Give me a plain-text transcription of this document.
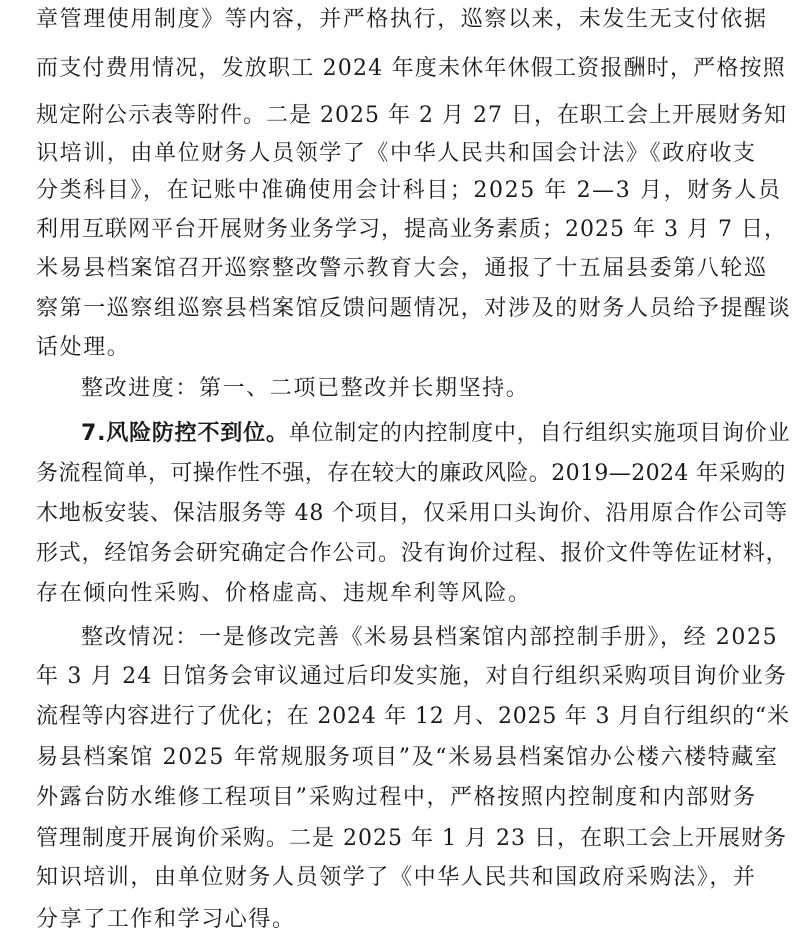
章管理使用制度》等内容，并严格执行，巡察以来，未发生无支付依据
而支付费用情况，发放职工 2024 年度未休年休假工资报酬时，严格按照
规定附公示表等附件。二是 2025 年 2 月 27 日，在职工会上开展财务知
识培训，由单位财务人员领学了《中华人民共和国会计法》《政府收支
分类科目》，在记账中准确使用会计科目；2025 年 2—3 月，财务人员
利用互联网平台开展财务业务学习，提高业务素质；2025 年 3 月 7 日，
米易县档案馆召开巡察整改警示教育大会，通报了十五届县委第八轮巡
察第一巡察组巡察县档案馆反馈问题情况，对涉及的财务人员给予提醒谈
话处理。
整改进度：第一、二项已整改并长期坚持。
7.风险防控不到位。单位制定的内控制度中，自行组织实施项目询价业
务流程简单，可操作性不强，存在较大的廉政风险。2019—2024 年采购的
木地板安装、保洁服务等 48 个项目，仅采用口头询价、沿用原合作公司等
形式，经馆务会研究确定合作公司。没有询价过程、报价文件等佐证材料，
存在倾向性采购、价格虚高、违规牟利等风险。
整改情况：一是修改完善《米易县档案馆内部控制手册》，经 2025
年 3 月 24 日馆务会审议通过后印发实施，对自行组织采购项目询价业务
流程等内容进行了优化；在 2024 年 12 月、2025 年 3 月自行组织的“米
易县档案馆 2025 年常规服务项目”及“米易县档案馆办公楼六楼特藏室
外露台防水维修工程项目”采购过程中，严格按照内控制度和内部财务
管理制度开展询价采购。二是 2025 年 1 月 23 日，在职工会上开展财务
知识培训，由单位财务人员领学了《中华人民共和国政府采购法》，并
分享了工作和学习心得。
